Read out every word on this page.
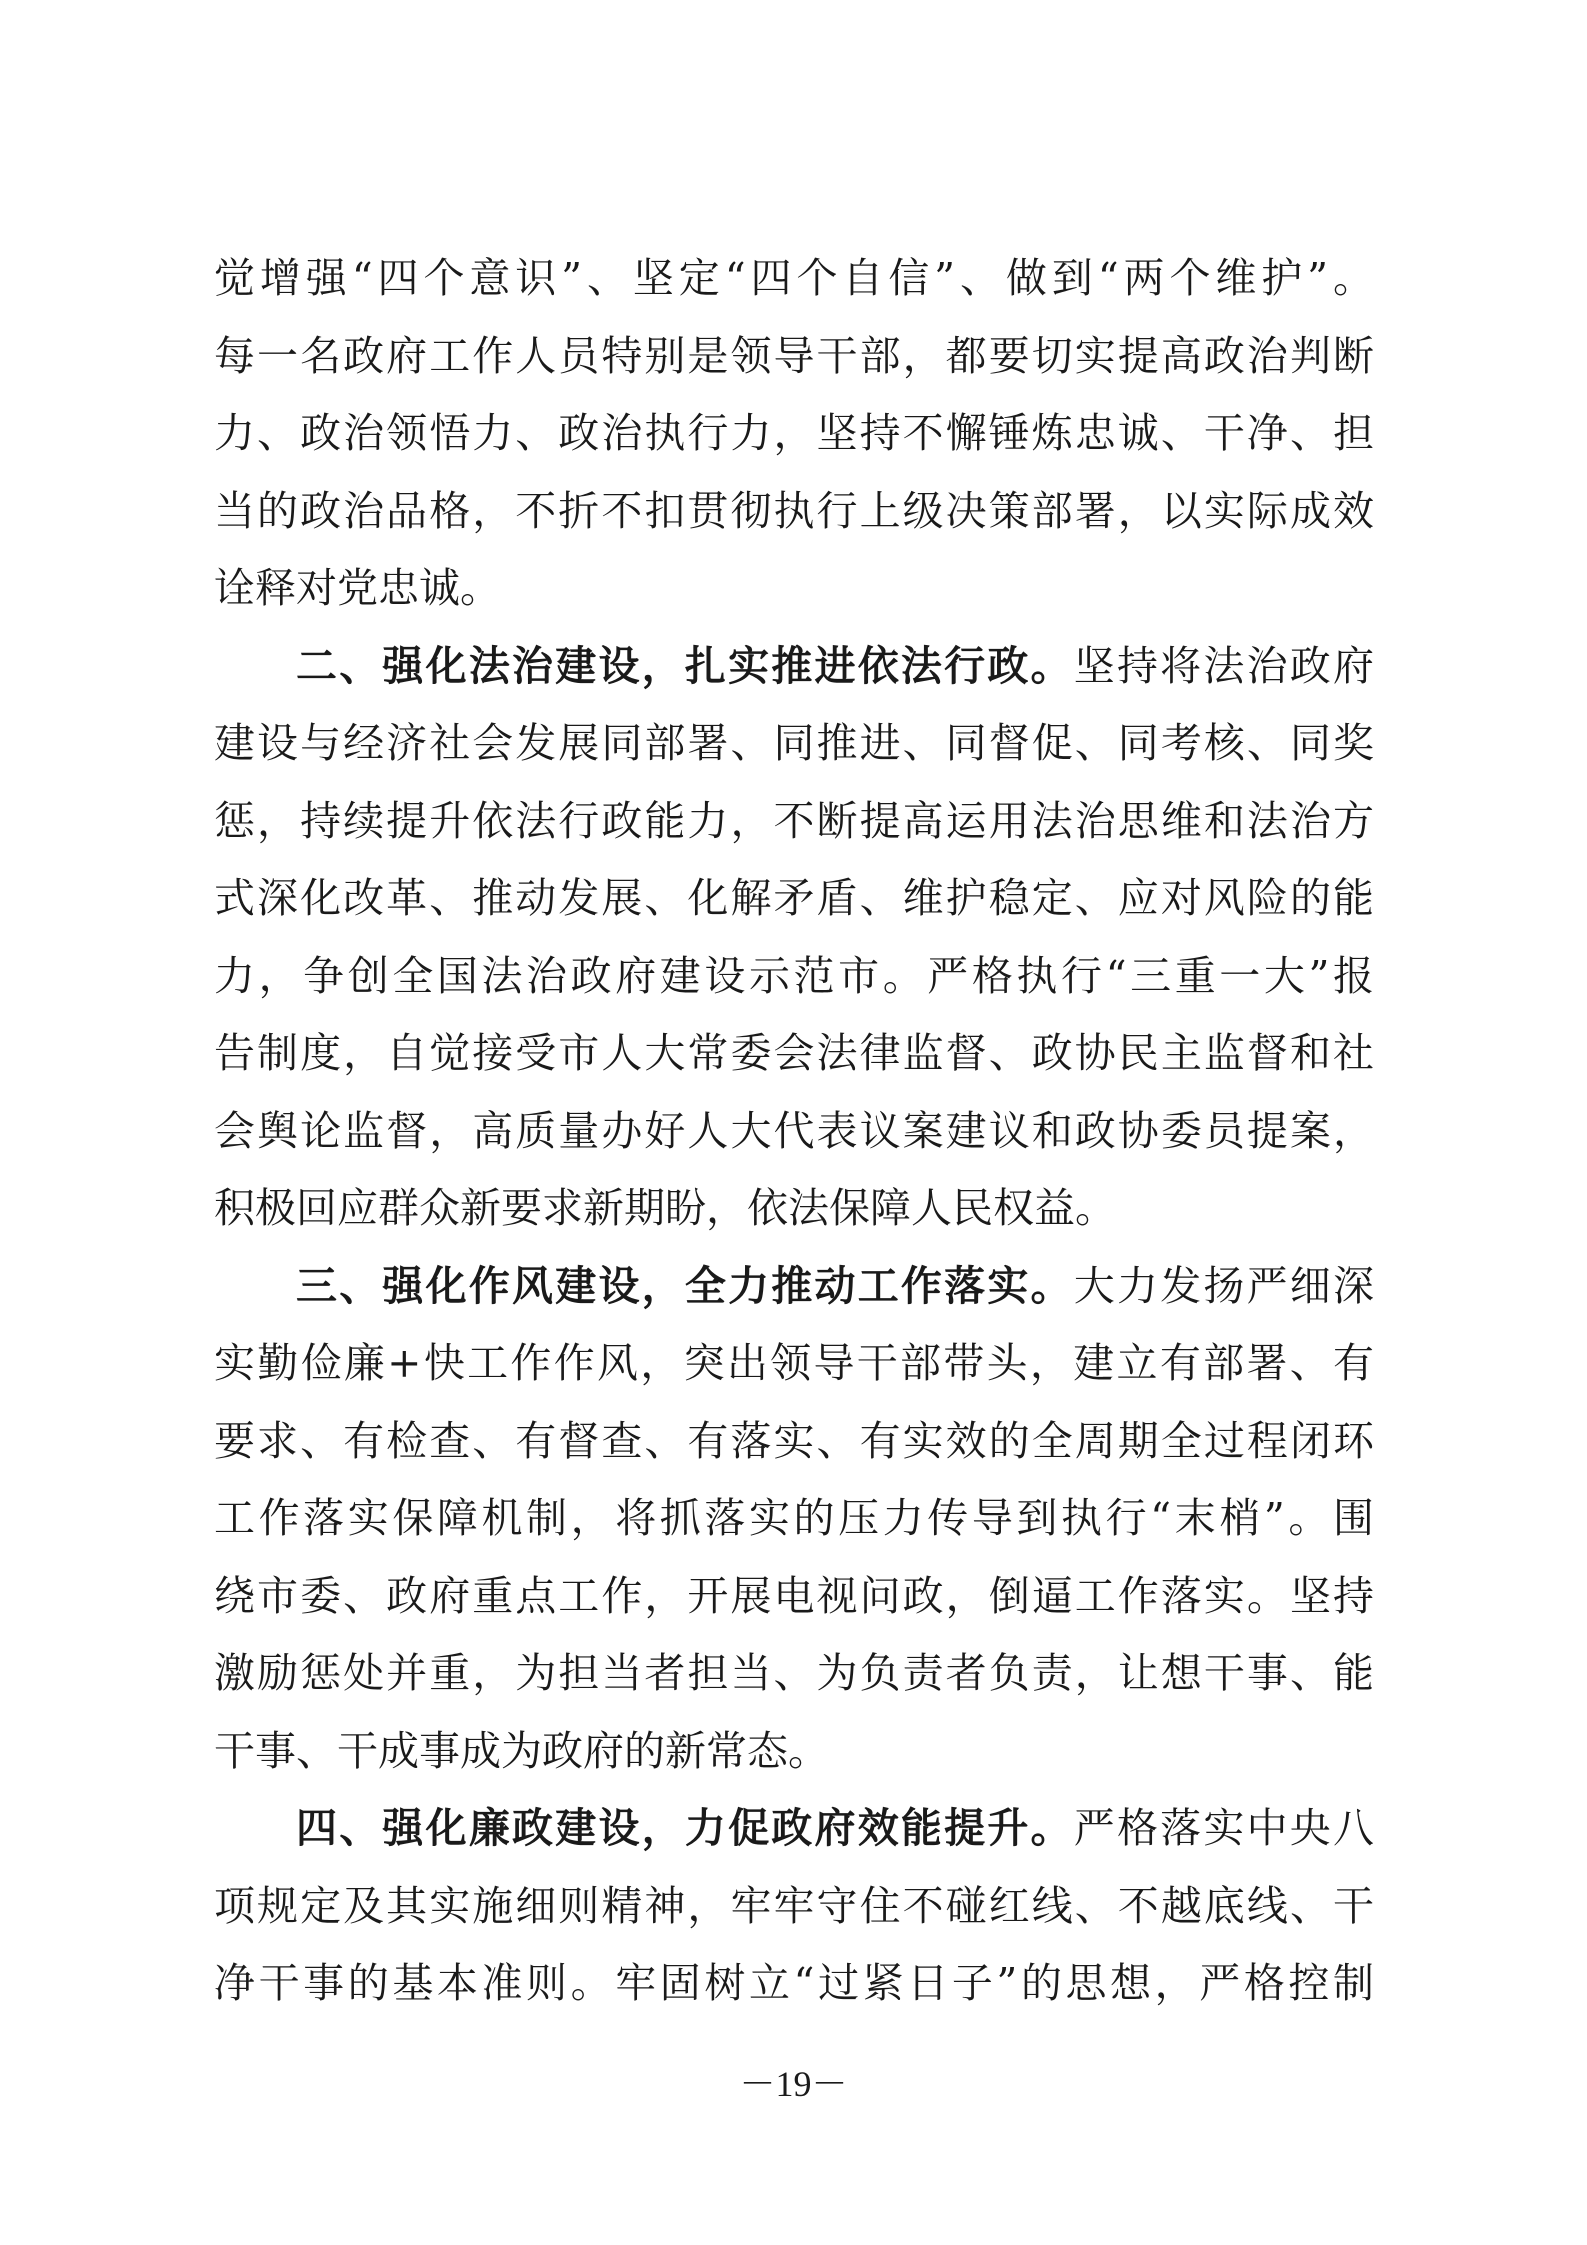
觉增强“四个意识”、坚定“四个自信”、做到“两个维护”。
每一名政府工作人员特别是领导干部，都要切实提高政治判断
力、政治领悟力、政治执行力，坚持不懈锤炼忠诚、干净、担
当的政治品格，不折不扣贯彻执行上级决策部署，以实际成效
诠释对党忠诚。
二、强化法治建设，扎实推进依法行政。坚持将法治政府
建设与经济社会发展同部署、同推进、同督促、同考核、同奖
惩，持续提升依法行政能力，不断提高运用法治思维和法治方
式深化改革、推动发展、化解矛盾、维护稳定、应对风险的能
力，争创全国法治政府建设示范市。严格执行“三重一大”报
告制度，自觉接受市人大常委会法律监督、政协民主监督和社
会舆论监督，高质量办好人大代表议案建议和政协委员提案，
积极回应群众新要求新期盼，依法保障人民权益。
三、强化作风建设，全力推动工作落实。大力发扬严细深
实勤俭廉+快工作作风，突出领导干部带头，建立有部署、有
要求、有检查、有督查、有落实、有实效的全周期全过程闭环
工作落实保障机制，将抓落实的压力传导到执行“末梢”。围
绕市委、政府重点工作，开展电视问政，倒逼工作落实。坚持
激励惩处并重，为担当者担当、为负责者负责，让想干事、能
干事、干成事成为政府的新常态。
四、强化廉政建设，力促政府效能提升。严格落实中央八
项规定及其实施细则精神，牢牢守住不碰红线、不越底线、干
净干事的基本准则。牢固树立“过紧日子”的思想，严格控制
－19－
